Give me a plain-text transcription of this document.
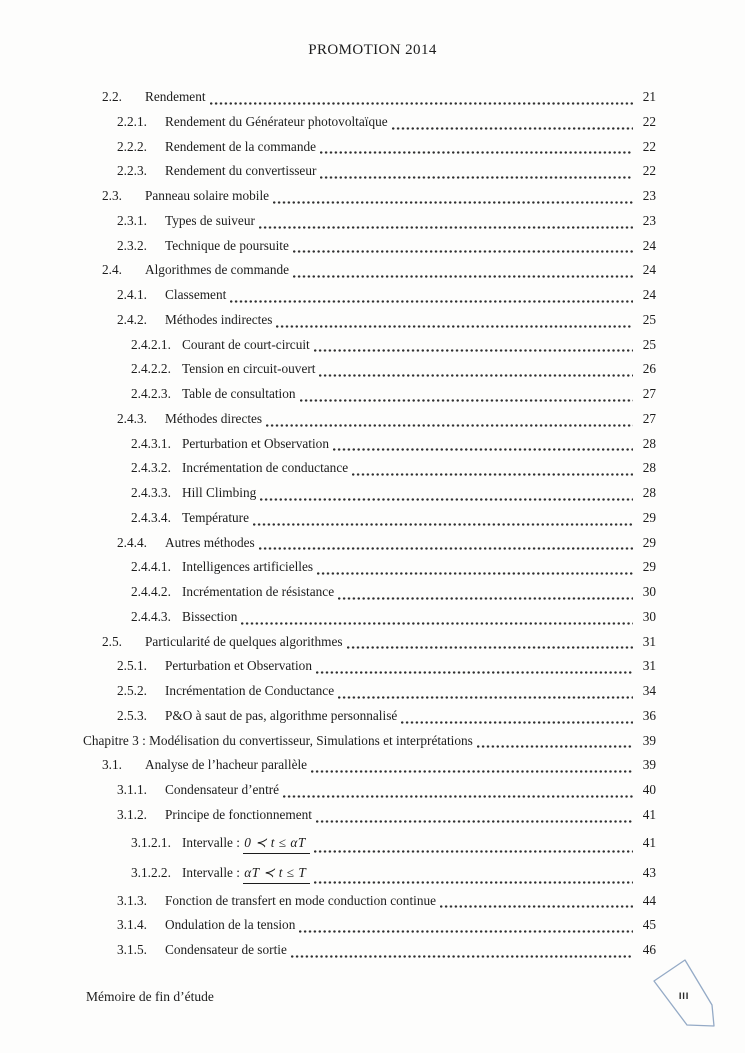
PROMOTION 2014
2.2.	Rendement	21
2.2.1.	Rendement du Générateur photovoltaïque	22
2.2.2.	Rendement de la commande	22
2.2.3.	Rendement du convertisseur	22
2.3.	Panneau solaire mobile	23
2.3.1.	Types de suiveur	23
2.3.2.	Technique de poursuite	24
2.4.	Algorithmes de commande	24
2.4.1.	Classement	24
2.4.2.	Méthodes indirectes	25
2.4.2.1. Courant de court-circuit	25
2.4.2.2. Tension en circuit-ouvert	26
2.4.2.3. Table de consultation	27
2.4.3.	Méthodes directes	27
2.4.3.1. Perturbation et Observation	28
2.4.3.2. Incrémentation de conductance	28
2.4.3.3. Hill Climbing	28
2.4.3.4. Température	29
2.4.4.	Autres méthodes	29
2.4.4.1. Intelligences artificielles	29
2.4.4.2. Incrémentation de résistance	30
2.4.4.3. Bissection	30
2.5.	Particularité de quelques algorithmes	31
2.5.1.	Perturbation et Observation	31
2.5.2.	Incrémentation de Conductance	34
2.5.3.	P&O à saut de pas, algorithme personnalisé	36
Chapitre 3 : Modélisation du convertisseur, Simulations et interprétations	39
3.1.	Analyse de l’hacheur parallèle	39
3.1.1.	Condensateur d’entré	40
3.1.2.	Principe de fonctionnement	41
3.1.2.1. Intervalle : 0 ≺ t ≤ αT	41
3.1.2.2. Intervalle : αT ≺ t ≤ T	43
3.1.3.	Fonction de transfert en mode conduction continue	44
3.1.4.	Ondulation de la tension	45
3.1.5.	Condensateur de sortie	46
Mémoire de fin d’étude	III
